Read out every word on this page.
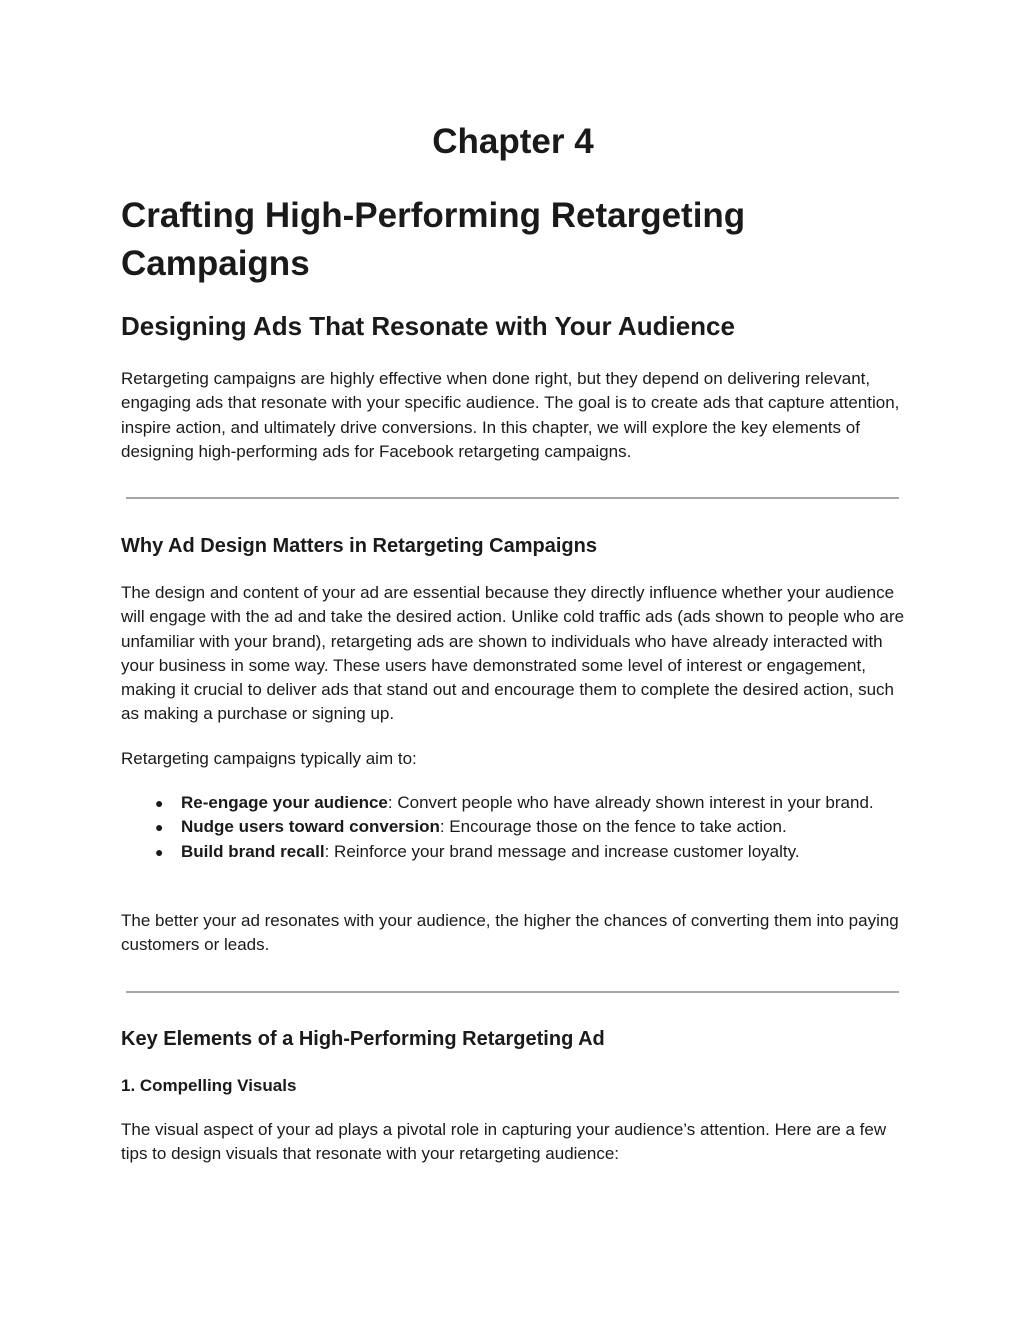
Chapter 4
Crafting High-Performing Retargeting Campaigns
Designing Ads That Resonate with Your Audience

Retargeting campaigns are highly effective when done right, but they depend on delivering relevant, engaging ads that resonate with your specific audience. The goal is to create ads that capture attention, inspire action, and ultimately drive conversions. In this chapter, we will explore the key elements of designing high-performing ads for Facebook retargeting campaigns.

Why Ad Design Matters in Retargeting Campaigns

The design and content of your ad are essential because they directly influence whether your audience will engage with the ad and take the desired action. Unlike cold traffic ads (ads shown to people who are unfamiliar with your brand), retargeting ads are shown to individuals who have already interacted with your business in some way. These users have demonstrated some level of interest or engagement, making it crucial to deliver ads that stand out and encourage them to complete the desired action, such as making a purchase or signing up.

Retargeting campaigns typically aim to:

● Re-engage your audience: Convert people who have already shown interest in your brand.
● Nudge users toward conversion: Encourage those on the fence to take action.
● Build brand recall: Reinforce your brand message and increase customer loyalty.

The better your ad resonates with your audience, the higher the chances of converting them into paying customers or leads.

Key Elements of a High-Performing Retargeting Ad
1. Compelling Visuals

The visual aspect of your ad plays a pivotal role in capturing your audience’s attention. Here are a few tips to design visuals that resonate with your retargeting audience:
